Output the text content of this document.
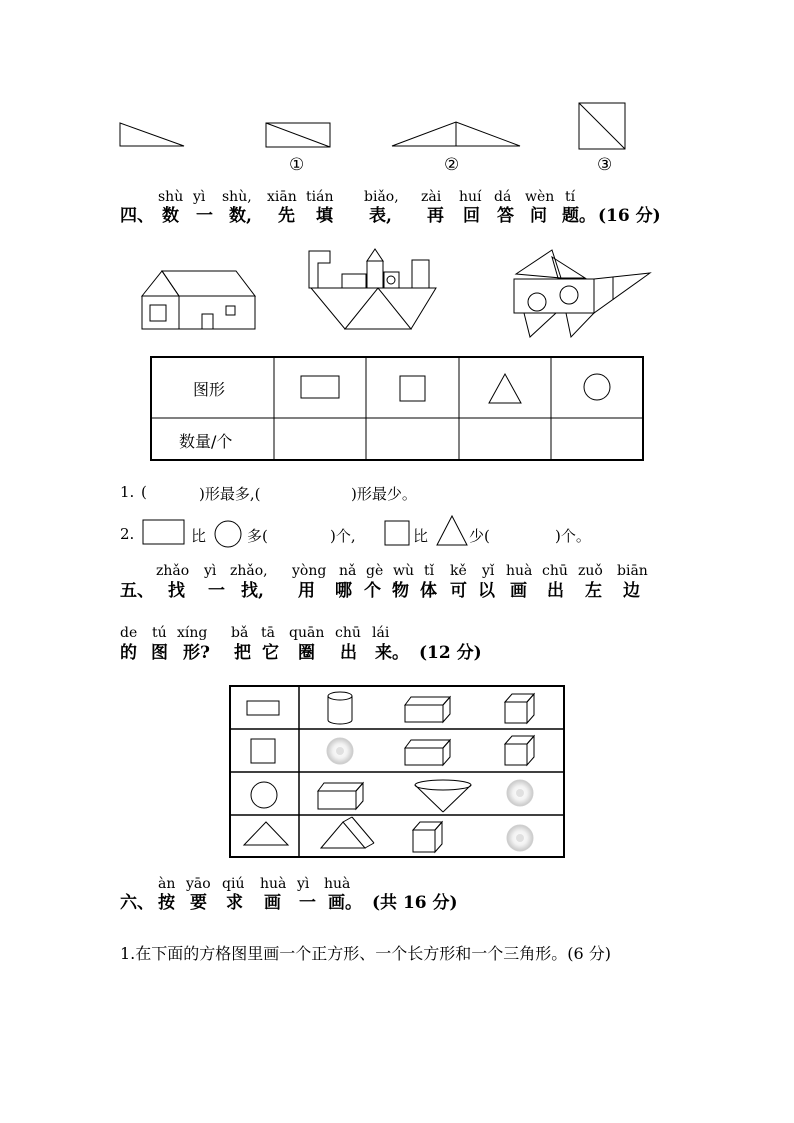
①	②	③
shù yì shù, xiān tián biǎo, zài huí dá wèn tí
四、 数 一 数, 先 填 表, 再 回 答 问 题。 (16 分)
图形
数量/个
1. (	)形最多,(	)形最少。
2.	比	多(	)个,	比	少(	)个。
zhǎo yì zhǎo, yòng nǎ gè wù tǐ kě yǐ huà chū zuǒ biān
五、 找 一 找, 用 哪 个 物 体 可 以 画 出 左 边
de tú xíng bǎ tā quān chū lái
的 图 形? 把 它 圈 出 来。 (12 分)
àn yāo qiú huà yì huà
六、 按 要 求 画 一 画。 (共 16 分)
1.在下面的方格图里画一个正方形、一个长方形和一个三角形。(6 分)
